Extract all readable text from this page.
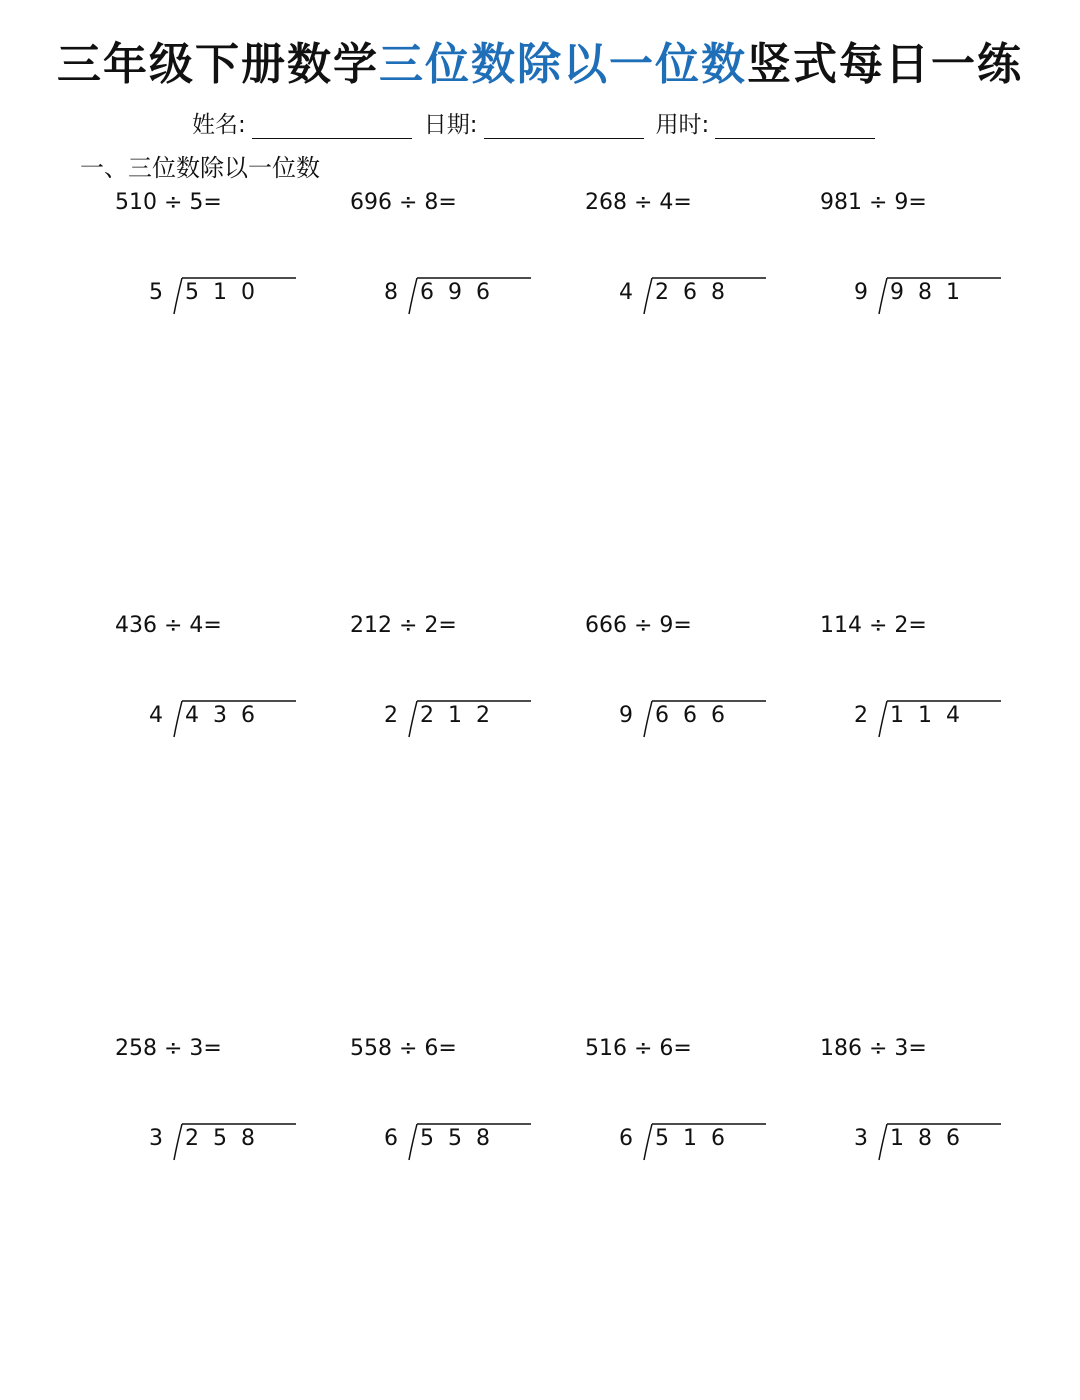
三年级下册数学三位数除以一位数竖式每日一练
姓名:	日期:	用时:
一、三位数除以一位数
510 ÷ 5=
5 510
696 ÷ 8=
8 696
268 ÷ 4=
4 268
981 ÷ 9=
9 981
436 ÷ 4=
4 436
212 ÷ 2=
2 212
666 ÷ 9=
9 666
114 ÷ 2=
2 114
258 ÷ 3=
3 258
558 ÷ 6=
6 558
516 ÷ 6=
6 516
186 ÷ 3=
3 186
